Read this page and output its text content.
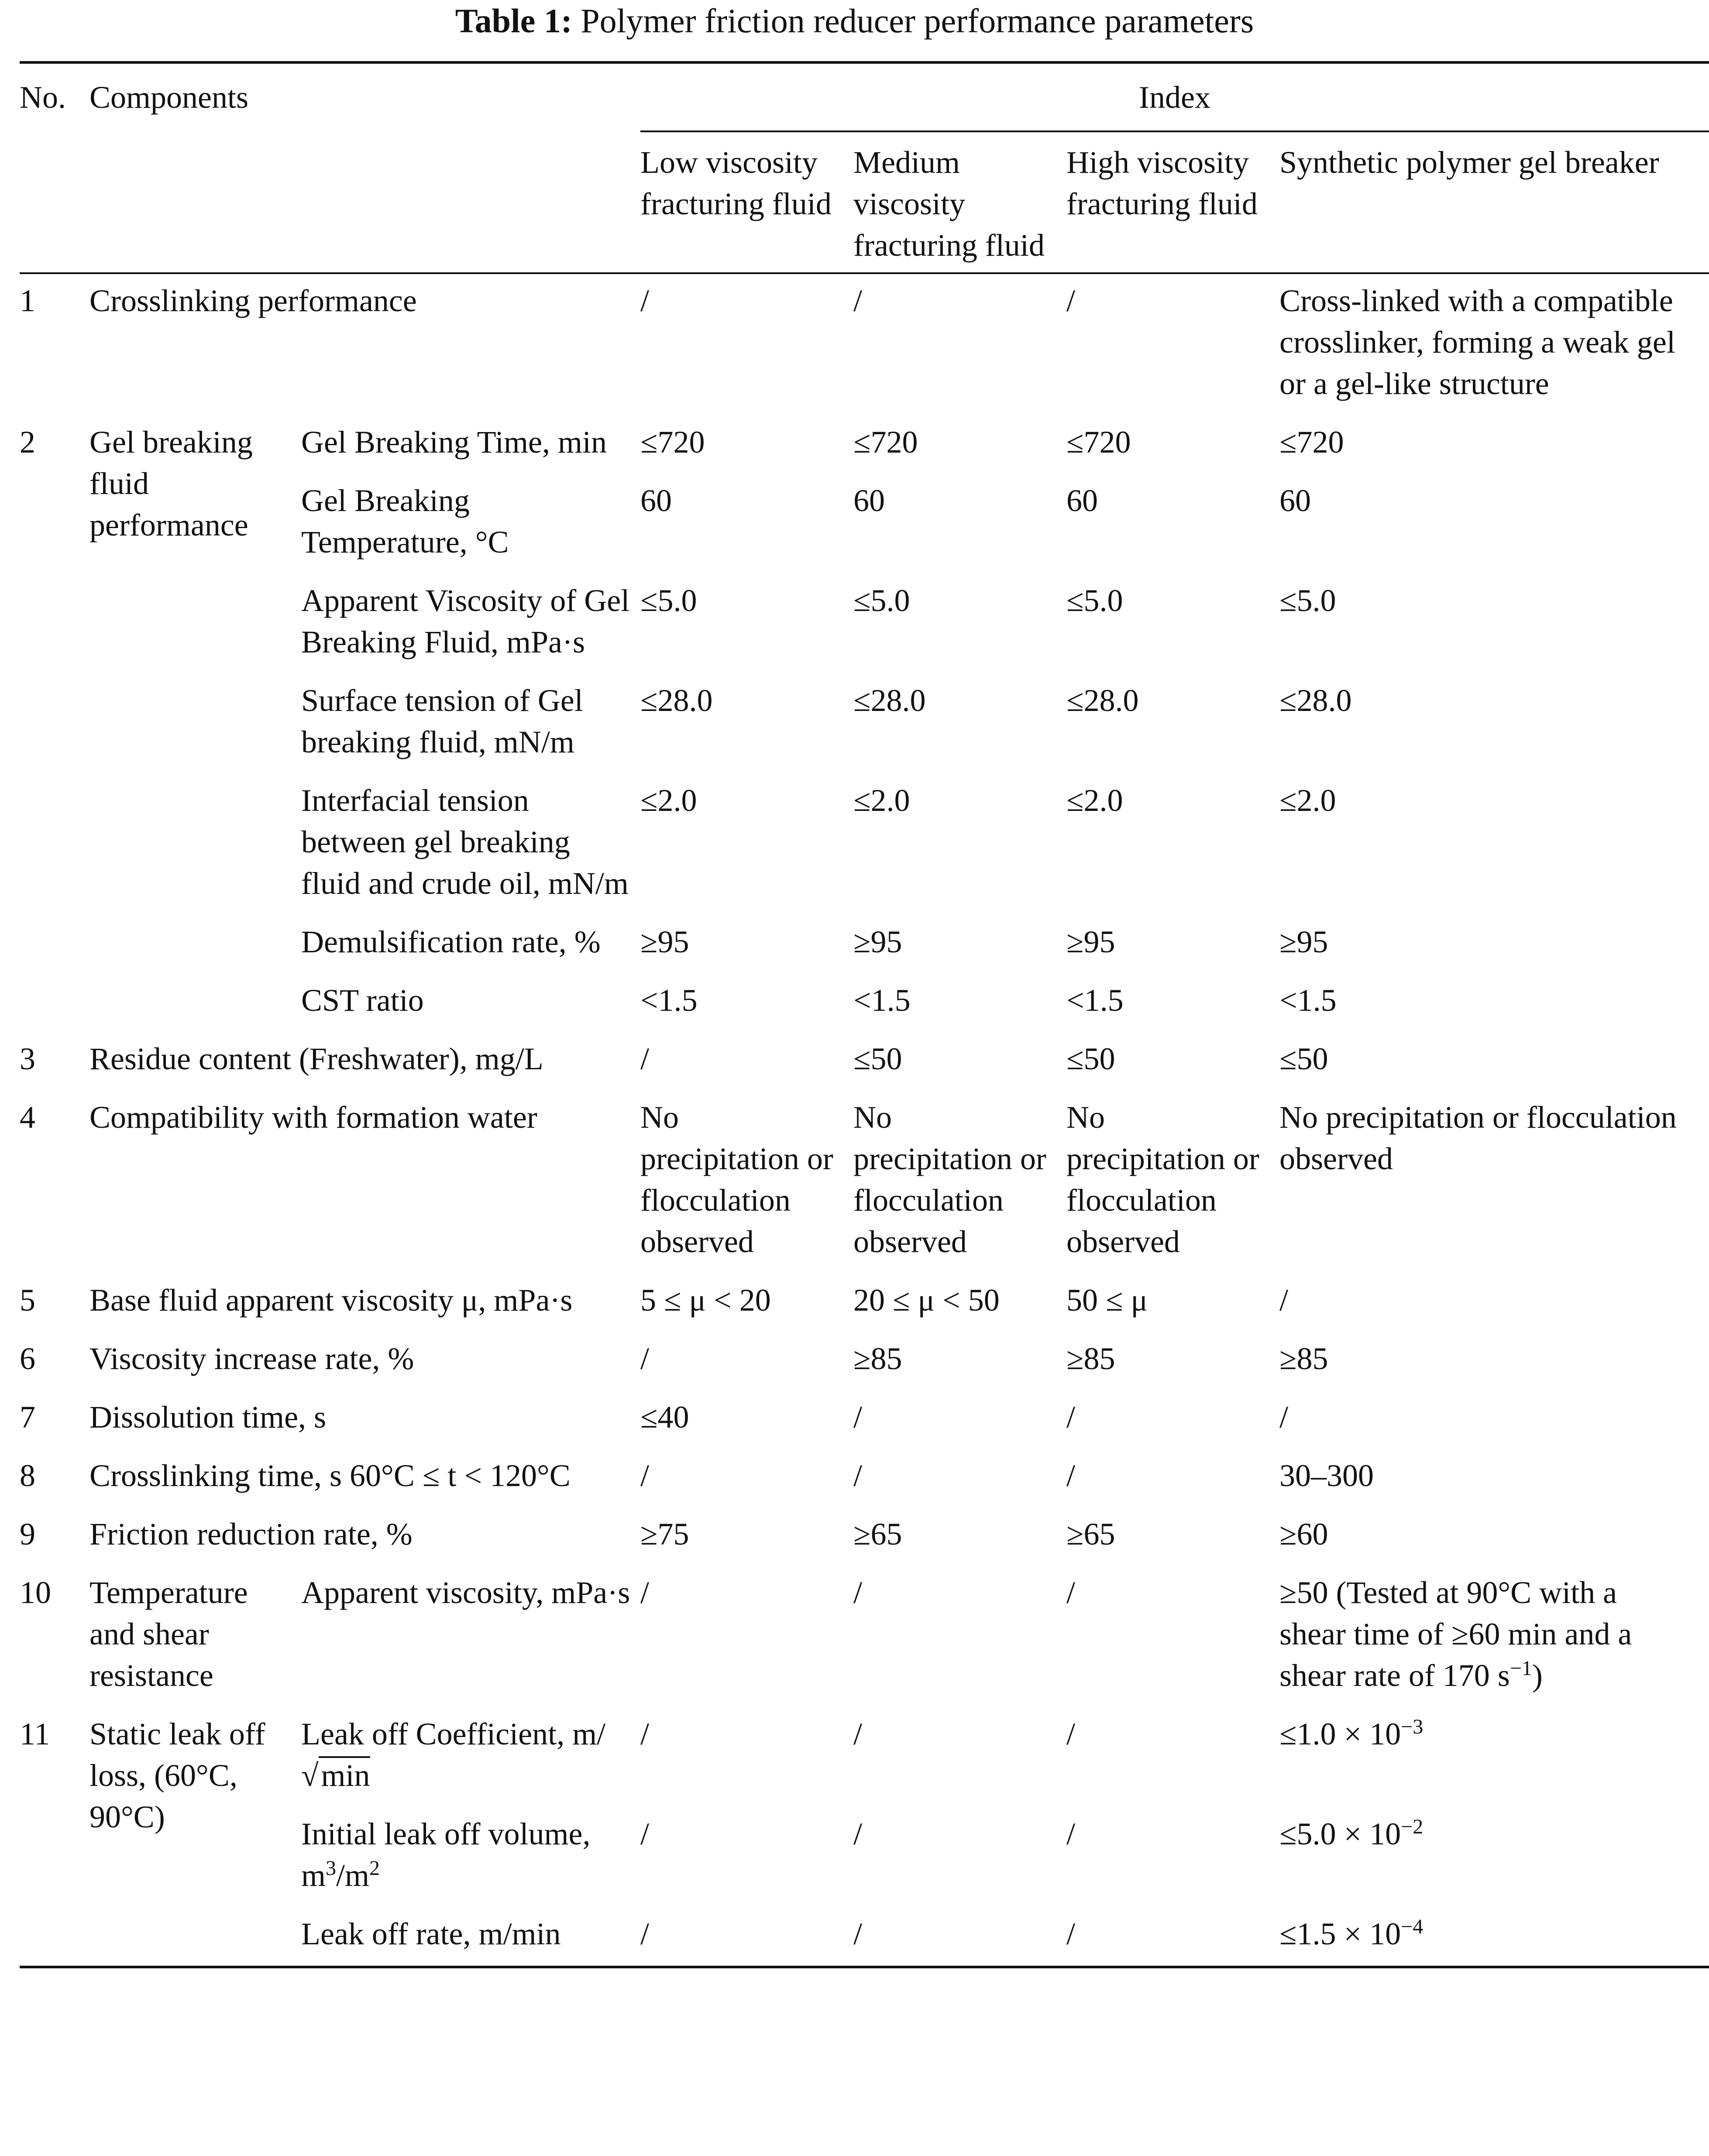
Table 1: Polymer friction reducer performance parameters
No.	Components		Index			
			Low viscosity fracturing fluid	Medium viscosity fracturing fluid	High viscosity fracturing fluid	Synthetic polymer gel breaker
1	Crosslinking performance		/	/	/	Cross-linked with a compatible crosslinker, forming a weak gel or a gel-like structure
2	Gel breaking fluid performance	Gel Breaking Time, min	≤720	≤720	≤720	≤720
		Gel Breaking Temperature, °C	60	60	60	60
		Apparent Viscosity of Gel Breaking Fluid, mPa·s	≤5.0	≤5.0	≤5.0	≤5.0
		Surface tension of Gel breaking fluid, mN/m	≤28.0	≤28.0	≤28.0	≤28.0
		Interfacial tension between gel breaking fluid and crude oil, mN/m	≤2.0	≤2.0	≤2.0	≤2.0
		Demulsification rate, %	≥95	≥95	≥95	≥95
		CST ratio	<1.5	<1.5	<1.5	<1.5
3	Residue content (Freshwater), mg/L		/	≤50	≤50	≤50
4	Compatibility with formation water		No precipitation or flocculation observed	No precipitation or flocculation observed	No precipitation or flocculation observed	No precipitation or flocculation observed
5	Base fluid apparent viscosity μ, mPa·s		5 ≤ μ < 20	20 ≤ μ < 50	50 ≤ μ	/
6	Viscosity increase rate, %		/	≥85	≥85	≥85
7	Dissolution time, s		≤40	/	/	/
8	Crosslinking time, s 60°C ≤ t < 120°C		/	/	/	30–300
9	Friction reduction rate, %		≥75	≥65	≥65	≥60
10	Temperature and shear resistance	Apparent viscosity, mPa·s	/	/	/	≥50 (Tested at 90°C with a shear time of ≥60 min and a shear rate of 170 $s^{-1}$)
11	Static leak off loss, (60°C, 90°C)	Leak off Coefficient, m/√min	/	/	/	$\le 1.0 \times 10^{-3}$
		Initial leak off volume, $m^3/m^2$	/	/	/	$\le 5.0 \times 10^{-2}$
		Leak off rate, m/min	/	/	/	$\le 1.5 \times 10^{-4}$
